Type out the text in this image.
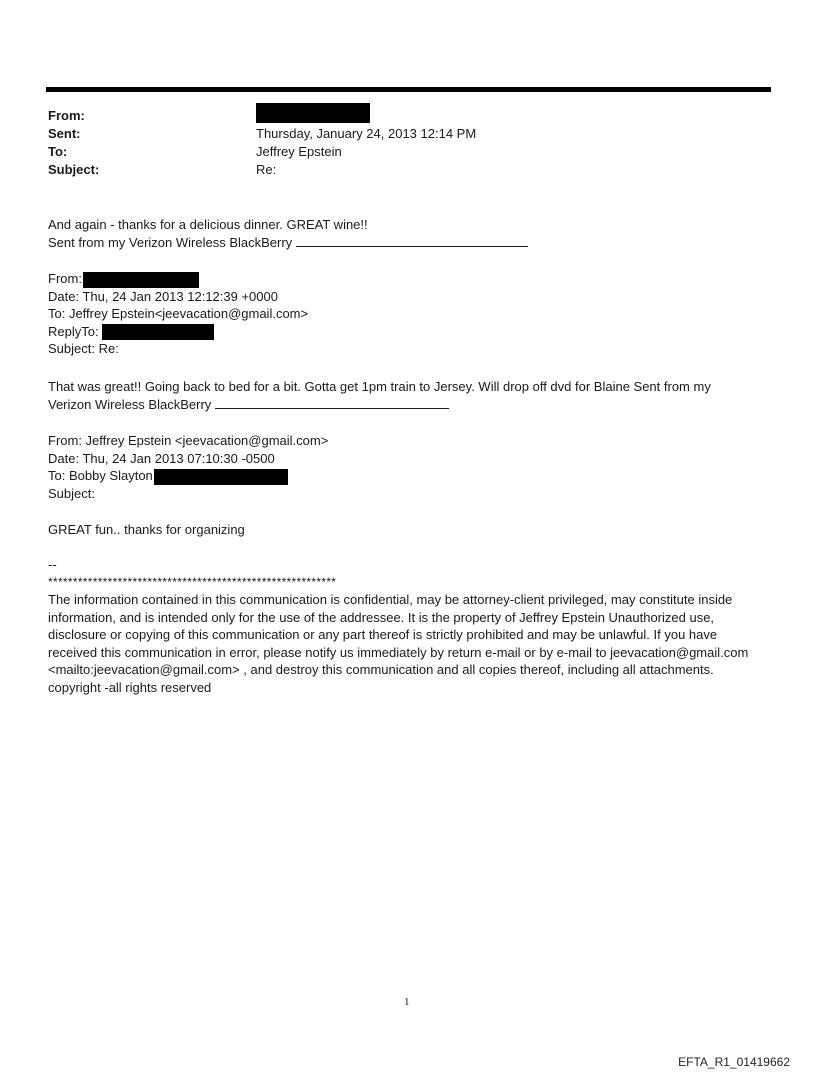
From:
Sent:
To:
Subject:
Thursday, January 24, 2013 12:14 PM
Jeffrey Epstein
Re:
And again - thanks for a delicious dinner. GREAT wine!!
Sent from my Verizon Wireless BlackBerry
From:
Date: Thu, 24 Jan 2013 12:12:39 +0000
To: Jeffrey Epstein<jeevacation@gmail.com>
ReplyTo:
Subject: Re:
That was great!! Going back to bed for a bit. Gotta get 1pm train to Jersey. Will drop off dvd for Blaine Sent from my
Verizon Wireless BlackBerry
From: Jeffrey Epstein <jeevacation@gmail.com>
Date: Thu, 24 Jan 2013 07:10:30 -0500
To: Bobby Slayton
Subject:
GREAT fun.. thanks for organizing
--
**********************************************************
The information contained in this communication is confidential, may be attorney-client privileged, may constitute inside information, and is intended only for the use of the addressee. It is the property of Jeffrey Epstein Unauthorized use, disclosure or copying of this communication or any part thereof is strictly prohibited and may be unlawful. If you have received this communication in error, please notify us immediately by return e-mail or by e-mail to jeevacation@gmail.com <mailto:jeevacation@gmail.com> , and destroy this communication and all copies thereof, including all attachments. copyright -all rights reserved
1
EFTA_R1_01419662
